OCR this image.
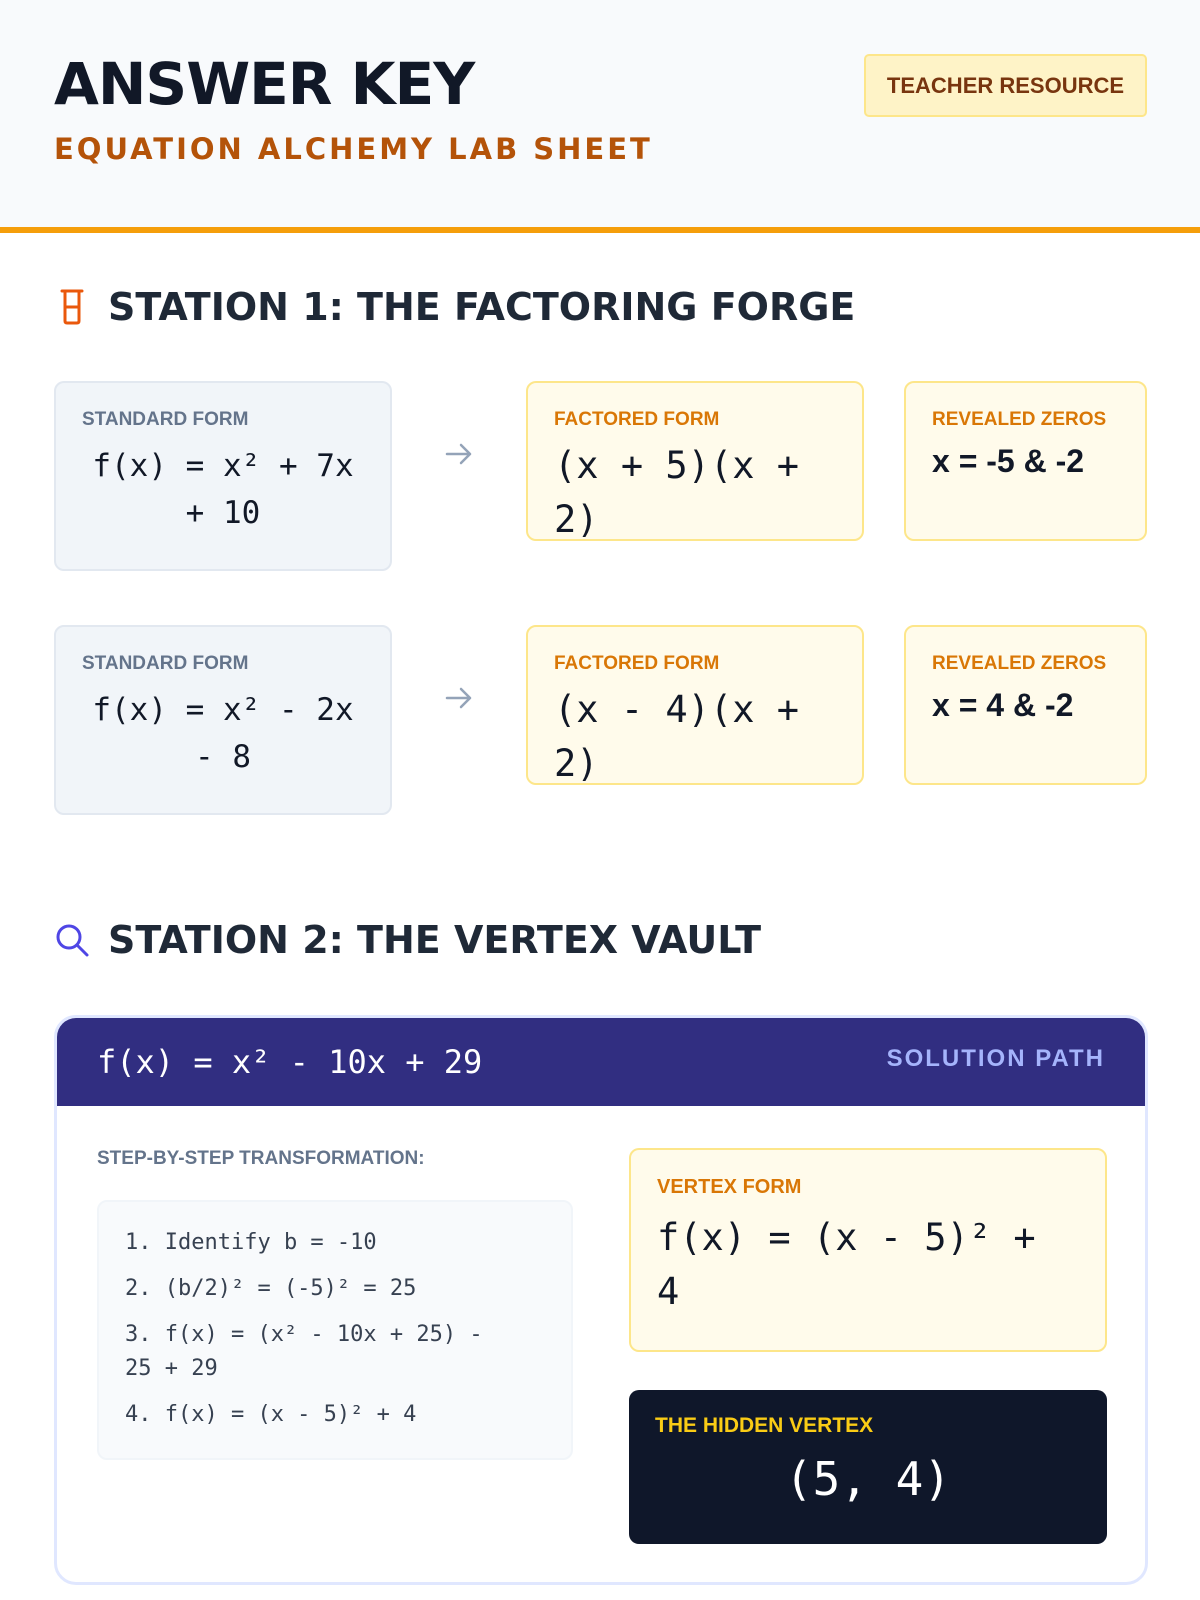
ANSWER KEY

EQUATION ALCHEMY LAB SHEET

TEACHER RESOURCE
STATION 1: THE FACTORING FORGE
STANDARD FORM
f(x) = x² + 7x
+ 10
FACTORED FORM
(x + 5)(x +
2)
REVEALED ZEROS
x = -5 & -2
STANDARD FORM
f(x) = x² - 2x
- 8
FACTORED FORM
(x - 4)(x +
2)
REVEALED ZEROS
x = 4 & -2
STATION 2: THE VERTEX VAULT
f(x) = x² - 10x + 29	SOLUTION PATH
STEP-BY-STEP TRANSFORMATION:
1. Identify b = -10
2. (b/2)² = (-5)² = 25
3. f(x) = (x² - 10x + 25) -
25 + 29
4. f(x) = (x - 5)² + 4
VERTEX FORM
f(x) = (x - 5)² +
4
THE HIDDEN VERTEX
(5, 4)
